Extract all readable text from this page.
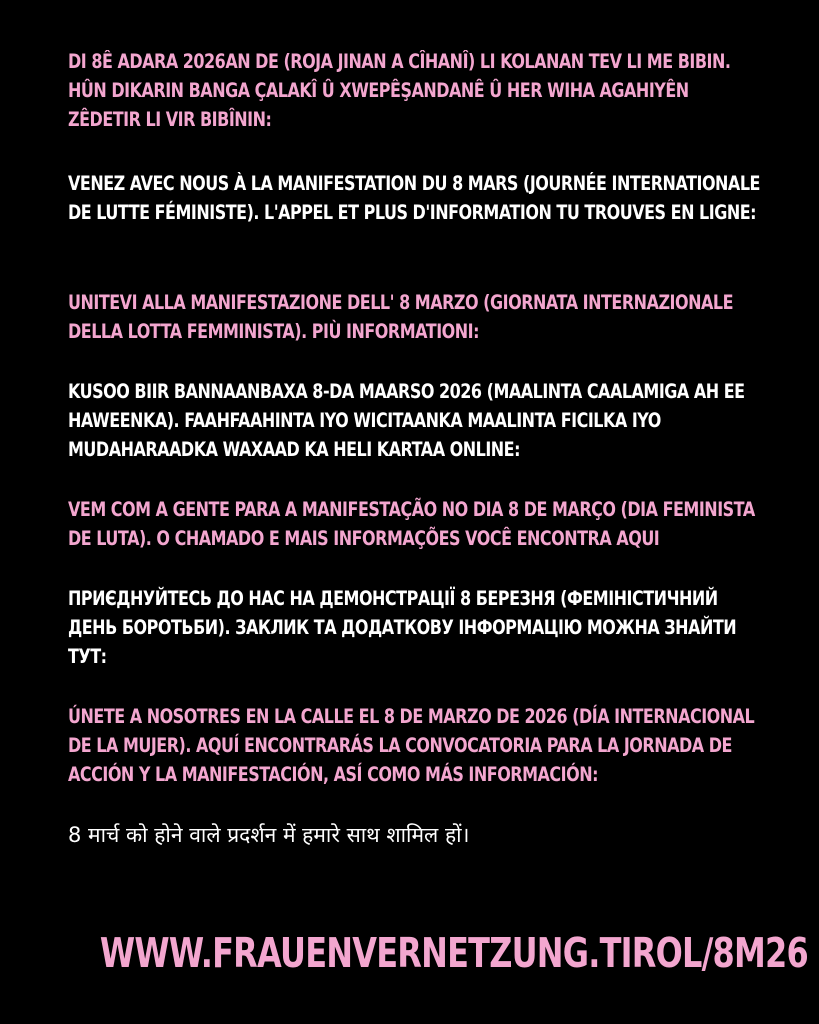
DI 8Ê ADARA 2026AN DE (ROJA JINAN A CÎHANÎ) LI KOLANAN TEV LI ME BIBIN. HÛN DIKARIN BANGA ÇALAKÎ Û XWEPÊŞANDANÊ Û HER WIHA AGAHIYÊN ZÊDETIR LI VIR BIBÎNIN:

VENEZ AVEC NOUS À LA MANIFESTATION DU 8 MARS (JOURNÉE INTERNATIONALE DE LUTTE FÉMINISTE). L'APPEL ET PLUS D'INFORMATION TU TROUVES EN LIGNE:

UNITEVI ALLA MANIFESTAZIONE DELL' 8 MARZO (GIORNATA INTERNAZIONALE DELLA LOTTA FEMMINISTA). PIÙ INFORMATIONI:

KUSOO BIIR BANNAANBAXA 8-DA MAARSO 2026 (MAALINTA CAALAMIGA AH EE HAWEENKA). FAAHFAAHINTA IYO WICITAANKA MAALINTA FICILKA IYO MUDAHARAADKA WAXAAD KA HELI KARTAA ONLINE:

VEM COM A GENTE PARA A MANIFESTAÇÃO NO DIA 8 DE MARÇO (DIA FEMINISTA DE LUTA). O CHAMADO E MAIS INFORMAÇÕES VOCÊ ENCONTRA AQUI

ПРИЄДНУЙТЕСЬ ДО НАС НА ДЕМОНСТРАЦІЇ 8 БЕРЕЗНЯ (ФЕМІНІСТИЧНИЙ ДЕНЬ БОРОТЬБИ). ЗАКЛИК ТА ДОДАТКОВУ ІНФОРМАЦІЮ МОЖНА ЗНАЙТИ ТУТ:

ÚNETE A NOSOTRES EN LA CALLE EL 8 DE MARZO DE 2026 (DÍA INTERNACIONAL DE LA MUJER). AQUÍ ENCONTRARÁS LA CONVOCATORIA PARA LA JORNADA DE ACCIÓN Y LA MANIFESTACIÓN, ASÍ COMO MÁS INFORMACIÓN:

8 मार्च को होने वाले प्रदर्शन में हमारे साथ शामिल हों।

WWW.FRAUENVERNETZUNG.TIROL/8M26
